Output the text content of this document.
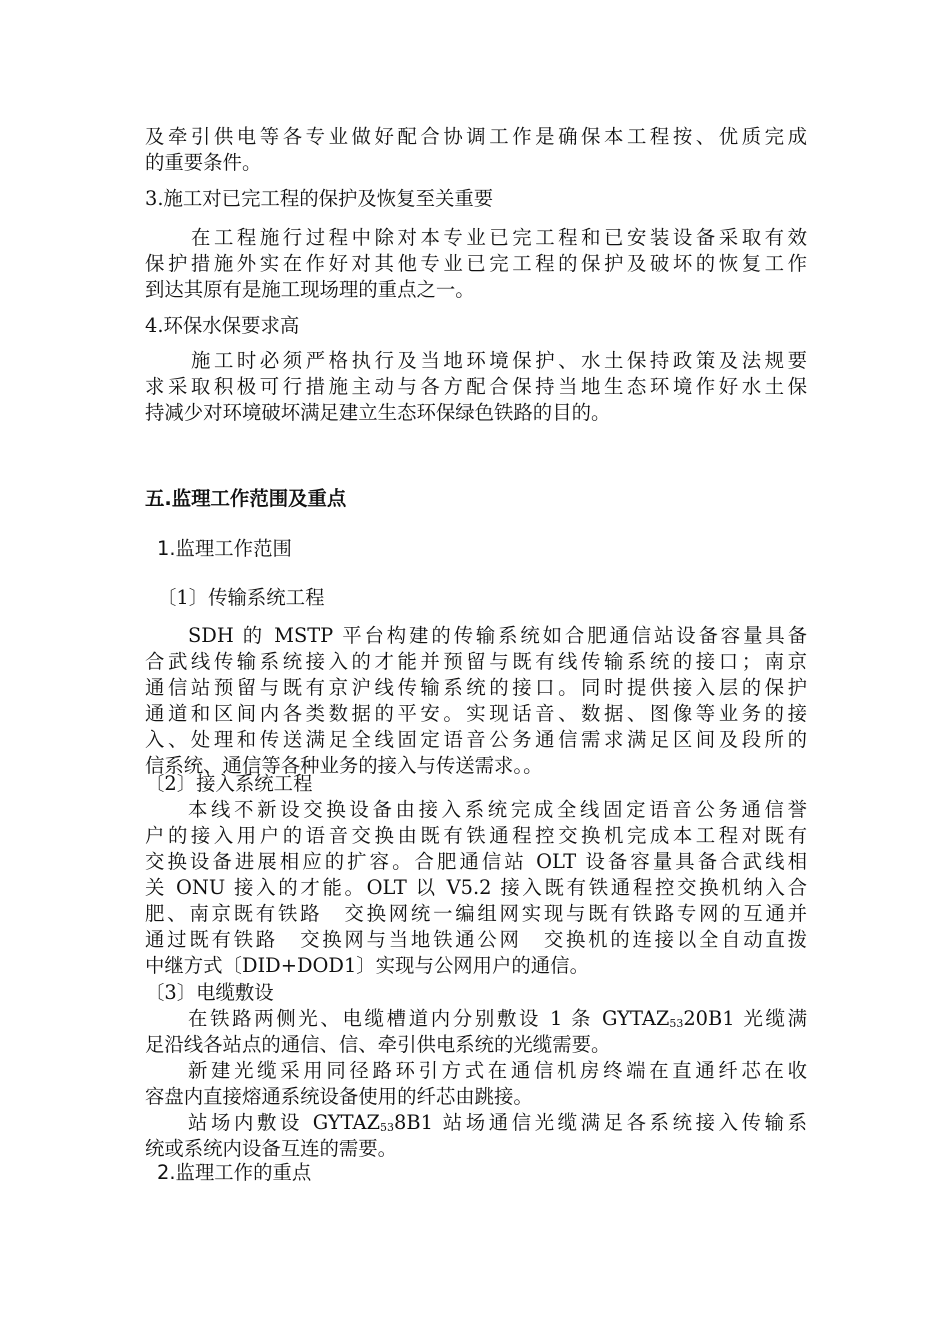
及牵引供电等各专业做好配合协调工作是确保本工程按、优质完成
的重要条件。
3.施工对已完工程的保护及恢复至关重要
在工程施行过程中除对本专业已完工程和已安装设备采取有效
保护措施外实在作好对其他专业已完工程的保护及破坏的恢复工作
到达其原有是施工现场理的重点之一。
4.环保水保要求高
施工时必须严格执行及当地环境保护、水土保持政策及法规要
求采取积极可行措施主动与各方配合保持当地生态环境作好水土保
持减少对环境破坏满足建立生态环保绿色铁路的目的。
五.监理工作范围及重点
1.监理工作范围
〔1〕传输系统工程
SDH 的 MSTP 平台构建的传输系统如合肥通信站设备容量具备
合武线传输系统接入的才能并预留与既有线传输系统的接口；南京
通信站预留与既有京沪线传输系统的接口。同时提供接入层的保护
通道和区间内各类数据的平安。实现话音、数据、图像等业务的接
入、处理和传送满足全线固定语音公务通信需求满足区间及段所的
信系统、通信等各种业务的接入与传送需求。。
〔2〕接入系统工程
本线不新设交换设备由接入系统完成全线固定语音公务通信誉
户的接入用户的语音交换由既有铁通程控交换机完成本工程对既有
交换设备进展相应的扩容。合肥通信站 OLT 设备容量具备合武线相
关 ONU 接入的才能。OLT 以 V5.2 接入既有铁通程控交换机纳入合
肥、南京既有铁路　交换网统一编组网实现与既有铁路专网的互通并
通过既有铁路　交换网与当地铁通公网　交换机的连接以全自动直拨
中继方式〔DID+DOD1〕实现与公网用户的通信。
〔3〕电缆敷设
在铁路两侧光、电缆槽道内分别敷设 1 条 $GYTAZ_{53}20B1$ 光缆满
足沿线各站点的通信、信、牵引供电系统的光缆需要。
新建光缆采用同径路环引方式在通信机房终端在直通纤芯在收
容盘内直接熔通系统设备使用的纤芯由跳接。
站场内敷设 $GYTAZ_{53}8B1$ 站场通信光缆满足各系统接入传输系
统或系统内设备互连的需要。
2.监理工作的重点
